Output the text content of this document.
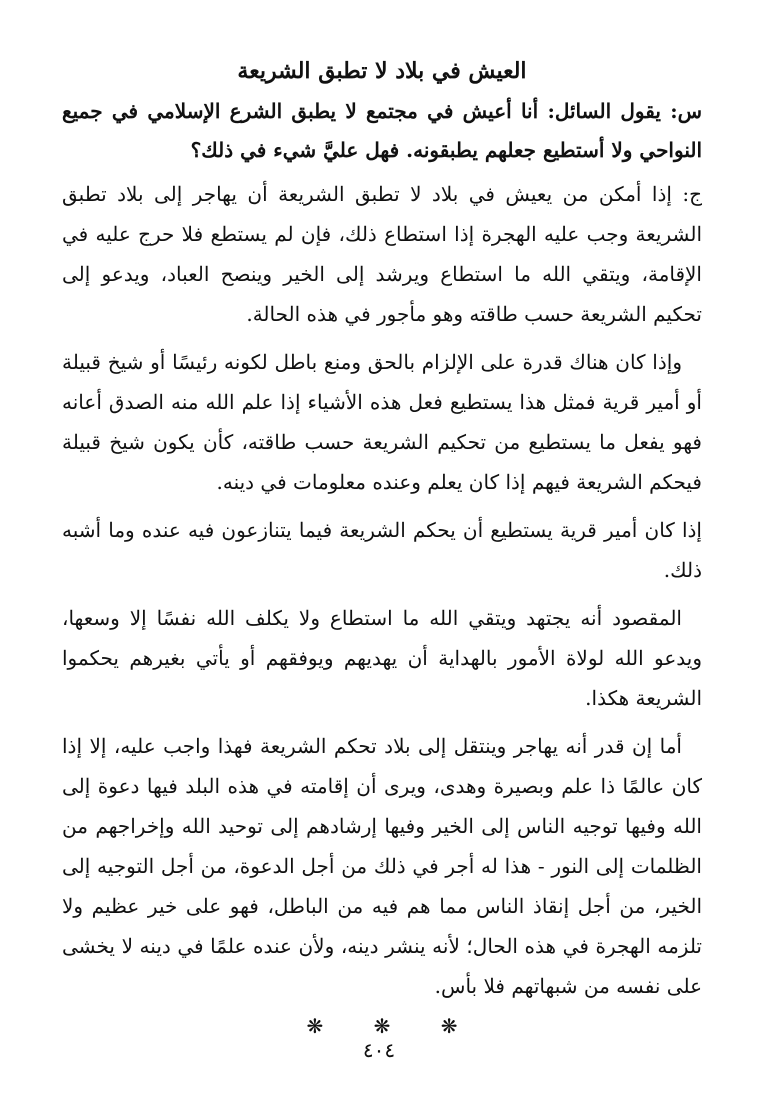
العيش في بلاد لا تطبق الشريعة

س: يقول السائل: أنا أعيش في مجتمع لا يطبق الشرع الإسلامي في جميع النواحي ولا أستطيع جعلهم يطبقونه. فهل عليَّ شيء في ذلك؟

ج: إذا أمكن من يعيش في بلاد لا تطبق الشريعة أن يهاجر إلى بلاد تطبق الشريعة وجب عليه الهجرة إذا استطاع ذلك، فإن لم يستطع فلا حرج عليه في الإقامة، ويتقي الله ما استطاع ويرشد إلى الخير وينصح العباد، ويدعو إلى تحكيم الشريعة حسب طاقته وهو مأجور في هذه الحالة.

وإذا كان هناك قدرة على الإلزام بالحق ومنع باطل لكونه رئيسًا أو شيخ قبيلة أو أمير قرية فمثل هذا يستطيع فعل هذه الأشياء إذا علم الله منه الصدق أعانه فهو يفعل ما يستطيع من تحكيم الشريعة حسب طاقته، كأن يكون شيخ قبيلة فيحكم الشريعة فيهم إذا كان يعلم وعنده معلومات في دينه.

إذا كان أمير قرية يستطيع أن يحكم الشريعة فيما يتنازعون فيه عنده وما أشبه ذلك.

المقصود أنه يجتهد ويتقي الله ما استطاع ولا يكلف الله نفسًا إلا وسعها، ويدعو الله لولاة الأمور بالهداية أن يهديهم ويوفقهم أو يأتي بغيرهم يحكموا الشريعة هكذا.

أما إن قدر أنه يهاجر وينتقل إلى بلاد تحكم الشريعة فهذا واجب عليه، إلا إذا كان عالمًا ذا علم وبصيرة وهدى، ويرى أن إقامته في هذه البلد فيها دعوة إلى الله وفيها توجيه الناس إلى الخير وفيها إرشادهم إلى توحيد الله وإخراجهم من الظلمات إلى النور - هذا له أجر في ذلك من أجل الدعوة، من أجل التوجيه إلى الخير، من أجل إنقاذ الناس مما هم فيه من الباطل، فهو على خير عظيم ولا تلزمه الهجرة في هذه الحال؛ لأنه ينشر دينه، ولأن عنده علمًا في دينه لا يخشى على نفسه من شبهاتهم فلا بأس.

❋ ❋ ❋
٤٠٤
